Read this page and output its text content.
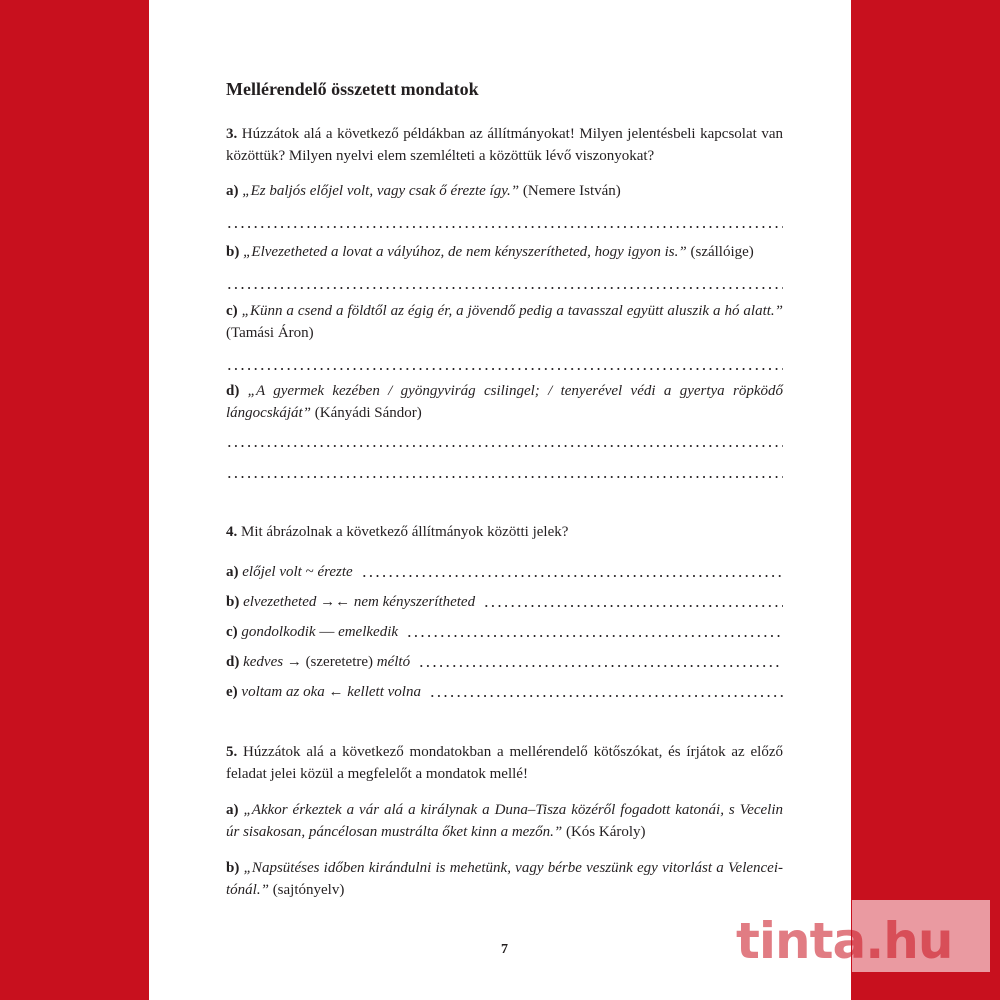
Mellérendelő összetett mondatok
3. Húzzátok alá a következő példákban az állítmányokat! Milyen jelentésbeli kapcsolat van közöttük? Milyen nyelvi elem szemlélteti a közöttük lévő viszonyokat?
a) „Ez baljós előjel volt, vagy csak ő érezte így.” (Nemere István)
b) „Elvezetheted a lovat a vályúhoz, de nem kényszerítheted, hogy igyon is.” (szállóige)
c) „Künn a csend a földtől az égig ér, a jövendő pedig a tavasszal együtt aluszik a hó alatt.” (Tamási Áron)
d) „A gyermek kezében / gyöngyvirág csilingel; / tenyerével védi a gyertya röpködő lángocskáját” (Kányádi Sándor)
4. Mit ábrázolnak a következő állítmányok közötti jelek?
a) előjel volt ~ érezte
b) elvezetheted →← nem kényszerítheted
c) gondolkodik — emelkedik
d) kedves → (szeretetre) méltó
e) voltam az oka ← kellett volna
5. Húzzátok alá a következő mondatokban a mellérendelő kötőszókat, és írjátok az előző feladat jelei közül a megfelelőt a mondatok mellé!
a) „Akkor érkeztek a vár alá a királynak a Duna–Tisza közéről fogadott katonái, s Vecelin úr sisakosan, páncélosan mustrálta őket kinn a mezőn.” (Kós Károly)
b) „Napsütéses időben kirándulni is mehetünk, vagy bérbe veszünk egy vitorlást a Velencei-tónál.” (sajtónyelv)
7	tinta.hu
